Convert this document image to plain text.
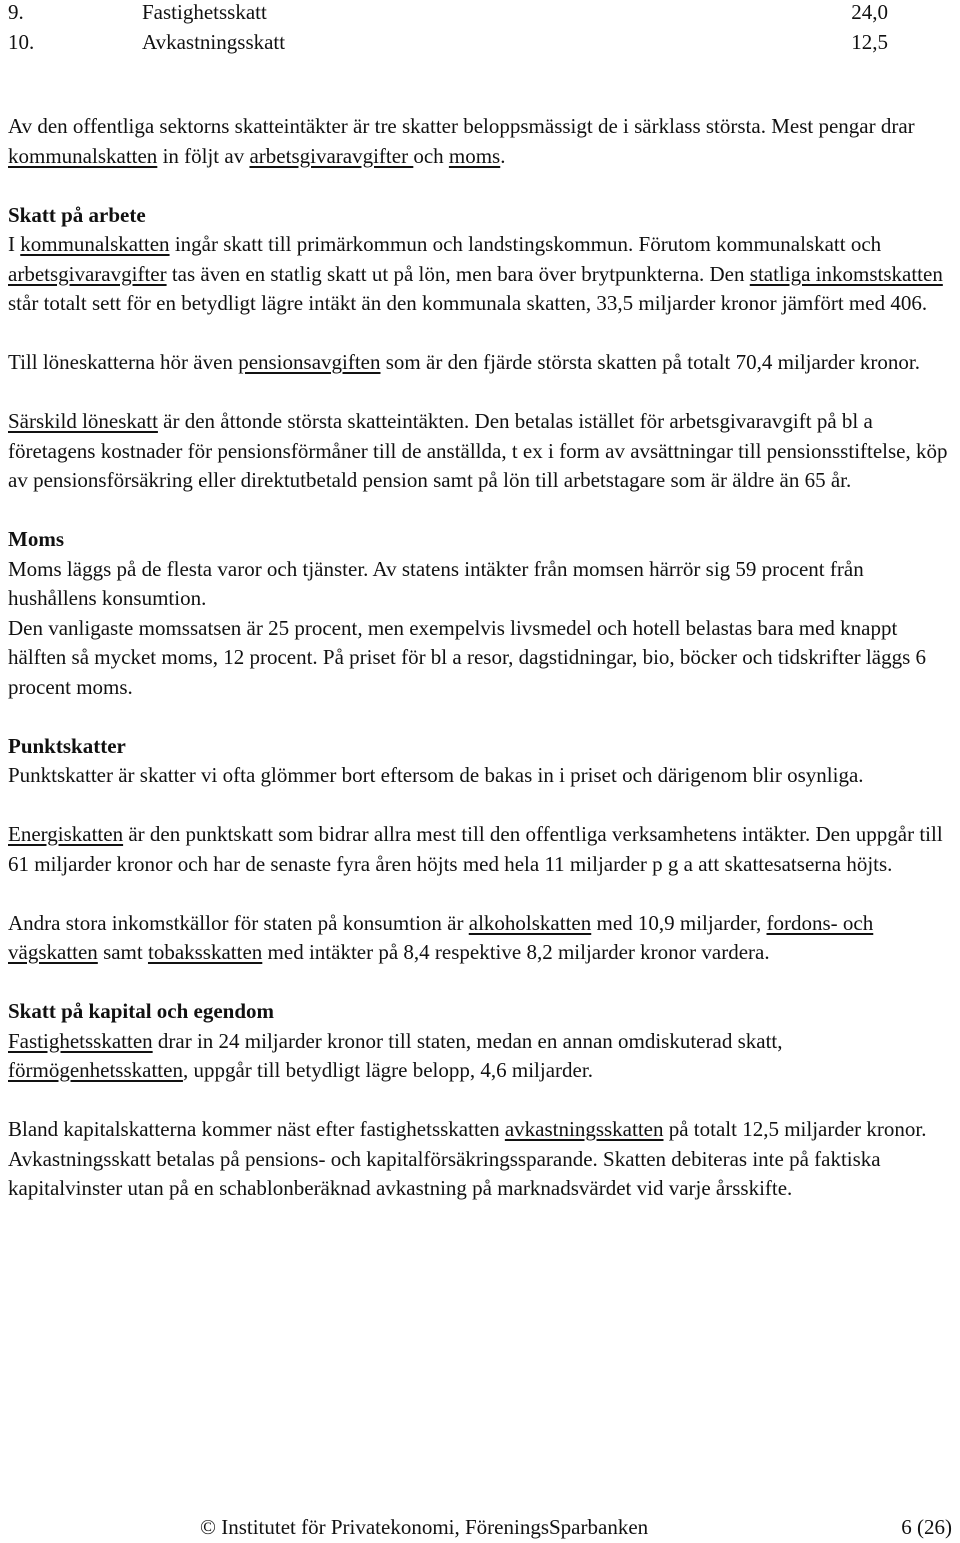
9.	Fastighetsskatt	24,0
10.	Avkastningsskatt	12,5

Av den offentliga sektorns skatteintäkter är tre skatter beloppsmässigt de i särklass största. Mest pengar drar kommunalskatten in följt av arbetsgivaravgifter och moms.

Skatt på arbete
I kommunalskatten ingår skatt till primärkommun och landstingskommun. Förutom kommunalskatt och arbetsgivaravgifter tas även en statlig skatt ut på lön, men bara över brytpunkterna. Den statliga inkomstskatten står totalt sett för en betydligt lägre intäkt än den kommunala skatten, 33,5 miljarder kronor jämfört med 406.

Till löneskatterna hör även pensionsavgiften som är den fjärde största skatten på totalt 70,4 miljarder kronor.

Särskild löneskatt är den åttonde största skatteintäkten. Den betalas istället för arbetsgivaravgift på bl a företagens kostnader för pensionsförmåner till de anställda, t ex i form av avsättningar till pensionsstiftelse, köp av pensionsförsäkring eller direktutbetald pension samt på lön till arbetstagare som är äldre än 65 år.

Moms
Moms läggs på de flesta varor och tjänster. Av statens intäkter från momsen härrör sig 59 procent från hushållens konsumtion.
Den vanligaste momssatsen är 25 procent, men exempelvis livsmedel och hotell belastas bara med knappt hälften så mycket moms, 12 procent. På priset för bl a resor, dagstidningar, bio, böcker och tidskrifter läggs 6 procent moms.

Punktskatter
Punktskatter är skatter vi ofta glömmer bort eftersom de bakas in i priset och därigenom blir osynliga.

Energiskatten är den punktskatt som bidrar allra mest till den offentliga verksamhetens intäkter. Den uppgår till 61 miljarder kronor och har de senaste fyra åren höjts med hela 11 miljarder p g a att skattesatserna höjts.

Andra stora inkomstkällor för staten på konsumtion är alkoholskatten med 10,9 miljarder, fordons- och vägskatten samt tobaksskatten med intäkter på 8,4 respektive 8,2 miljarder kronor vardera.

Skatt på kapital och egendom
Fastighetsskatten drar in 24 miljarder kronor till staten, medan en annan omdiskuterad skatt, förmögenhetsskatten, uppgår till betydligt lägre belopp, 4,6 miljarder.

Bland kapitalskatterna kommer näst efter fastighetsskatten avkastningsskatten på totalt 12,5 miljarder kronor. Avkastningsskatt betalas på pensions- och kapitalförsäkringssparande. Skatten debiteras inte på faktiska kapitalvinster utan på en schablonberäknad avkastning på marknadsvärdet vid varje årsskifte.

© Institutet för Privatekonomi, FöreningsSparbanken	6 (26)
